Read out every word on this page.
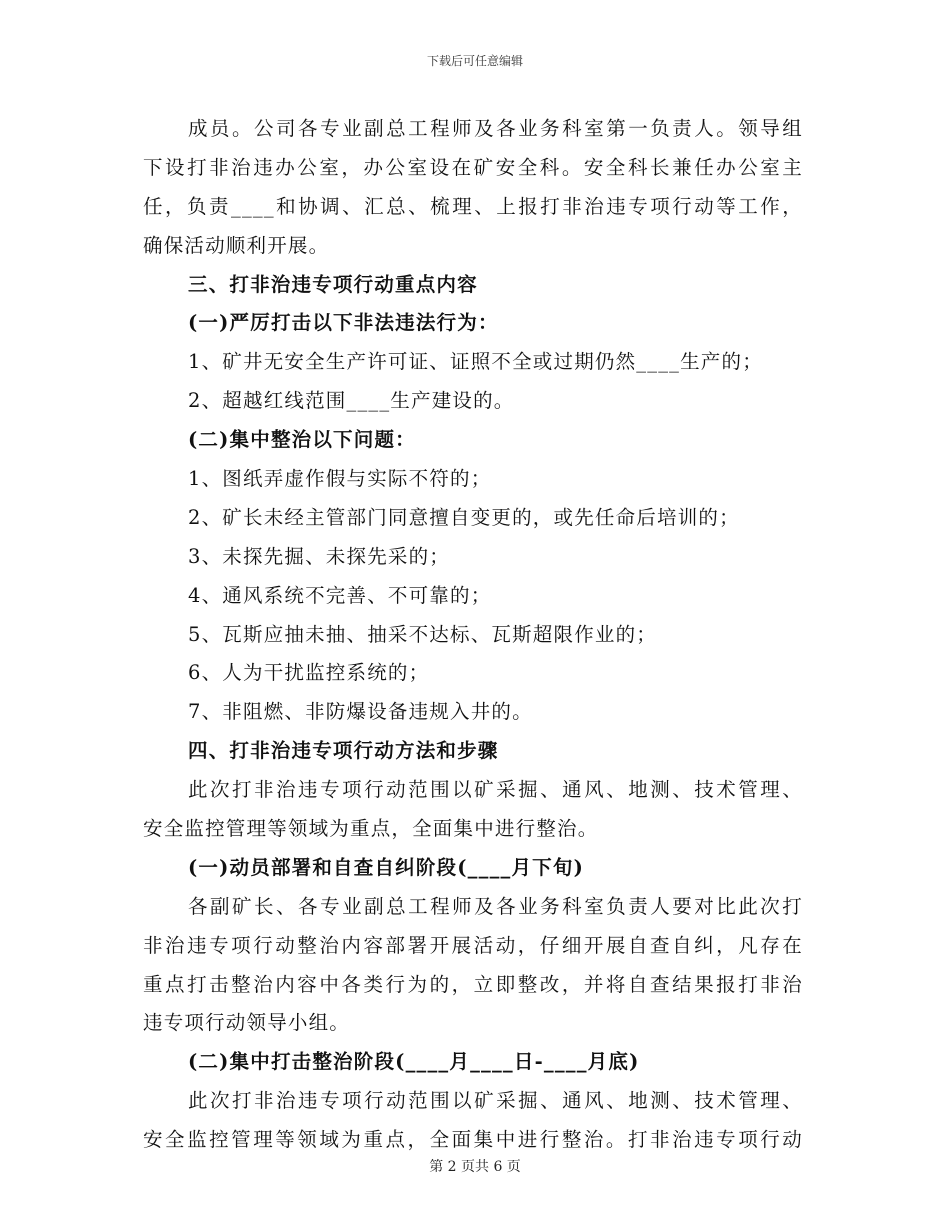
下载后可任意编辑
成员。公司各专业副总工程师及各业务科室第一负责人。领导组
下设打非治违办公室，办公室设在矿安全科。安全科长兼任办公室主
任，负责____和协调、汇总、梳理、上报打非治违专项行动等工作，
确保活动顺利开展。
三、打非治违专项行动重点内容
(一)严厉打击以下非法违法行为：
1、矿井无安全生产许可证、证照不全或过期仍然____生产的；
2、超越红线范围____生产建设的。
(二)集中整治以下问题：
1、图纸弄虚作假与实际不符的；
2、矿长未经主管部门同意擅自变更的，或先任命后培训的；
3、未探先掘、未探先采的；
4、通风系统不完善、不可靠的；
5、瓦斯应抽未抽、抽采不达标、瓦斯超限作业的；
6、人为干扰监控系统的；
7、非阻燃、非防爆设备违规入井的。
四、打非治违专项行动方法和步骤
此次打非治违专项行动范围以矿采掘、通风、地测、技术管理、
安全监控管理等领域为重点，全面集中进行整治。
(一)动员部署和自查自纠阶段(____月下旬)
各副矿长、各专业副总工程师及各业务科室负责人要对比此次打
非治违专项行动整治内容部署开展活动，仔细开展自查自纠，凡存在
重点打击整治内容中各类行为的，立即整改，并将自查结果报打非治
违专项行动领导小组。
(二)集中打击整治阶段(____月____日-____月底)
此次打非治违专项行动范围以矿采掘、通风、地测、技术管理、
安全监控管理等领域为重点，全面集中进行整治。打非治违专项行动
第 2 页共 6 页
